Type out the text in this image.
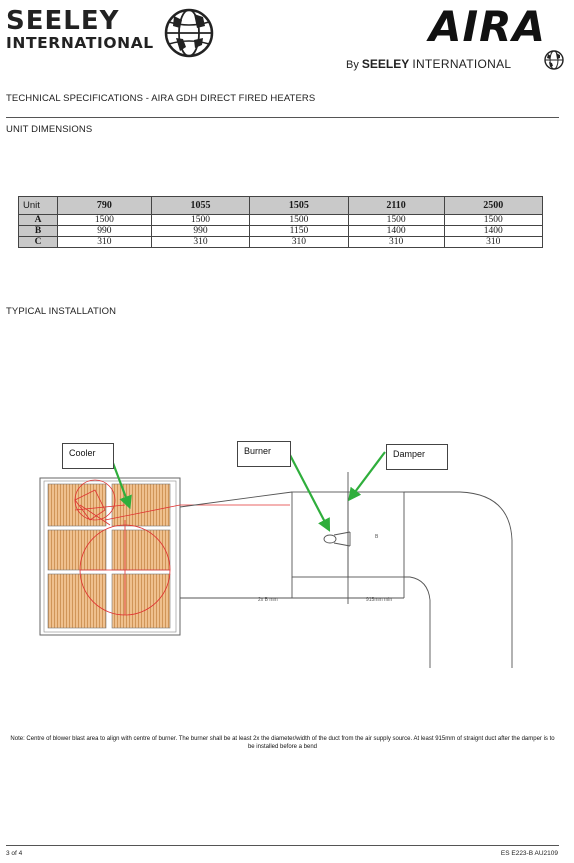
SEELEY
INTERNATIONAL	AIRA
By SEELEY INTERNATIONAL
TECHNICAL SPECIFICATIONS - AIRA GDH DIRECT FIRED HEATERS
UNIT DIMENSIONS
Unit	790	1055	1505	2110	2500
A	1500	1500	1500	1500	1500
B	990	990	1150	1400	1400
C	310	310	310	310	310
TYPICAL INSTALLATION
B
2x B mm	915mm min
Cooler	Burner	Damper
Note: Centre of blower blast area to align with centre of burner. The burner shall be at least 2x the diameter/width of the duct from the air supply source. At least 915mm of straignt duct after the damper is to be installed before a bend
3 of 4	ES E223-B AU2109
